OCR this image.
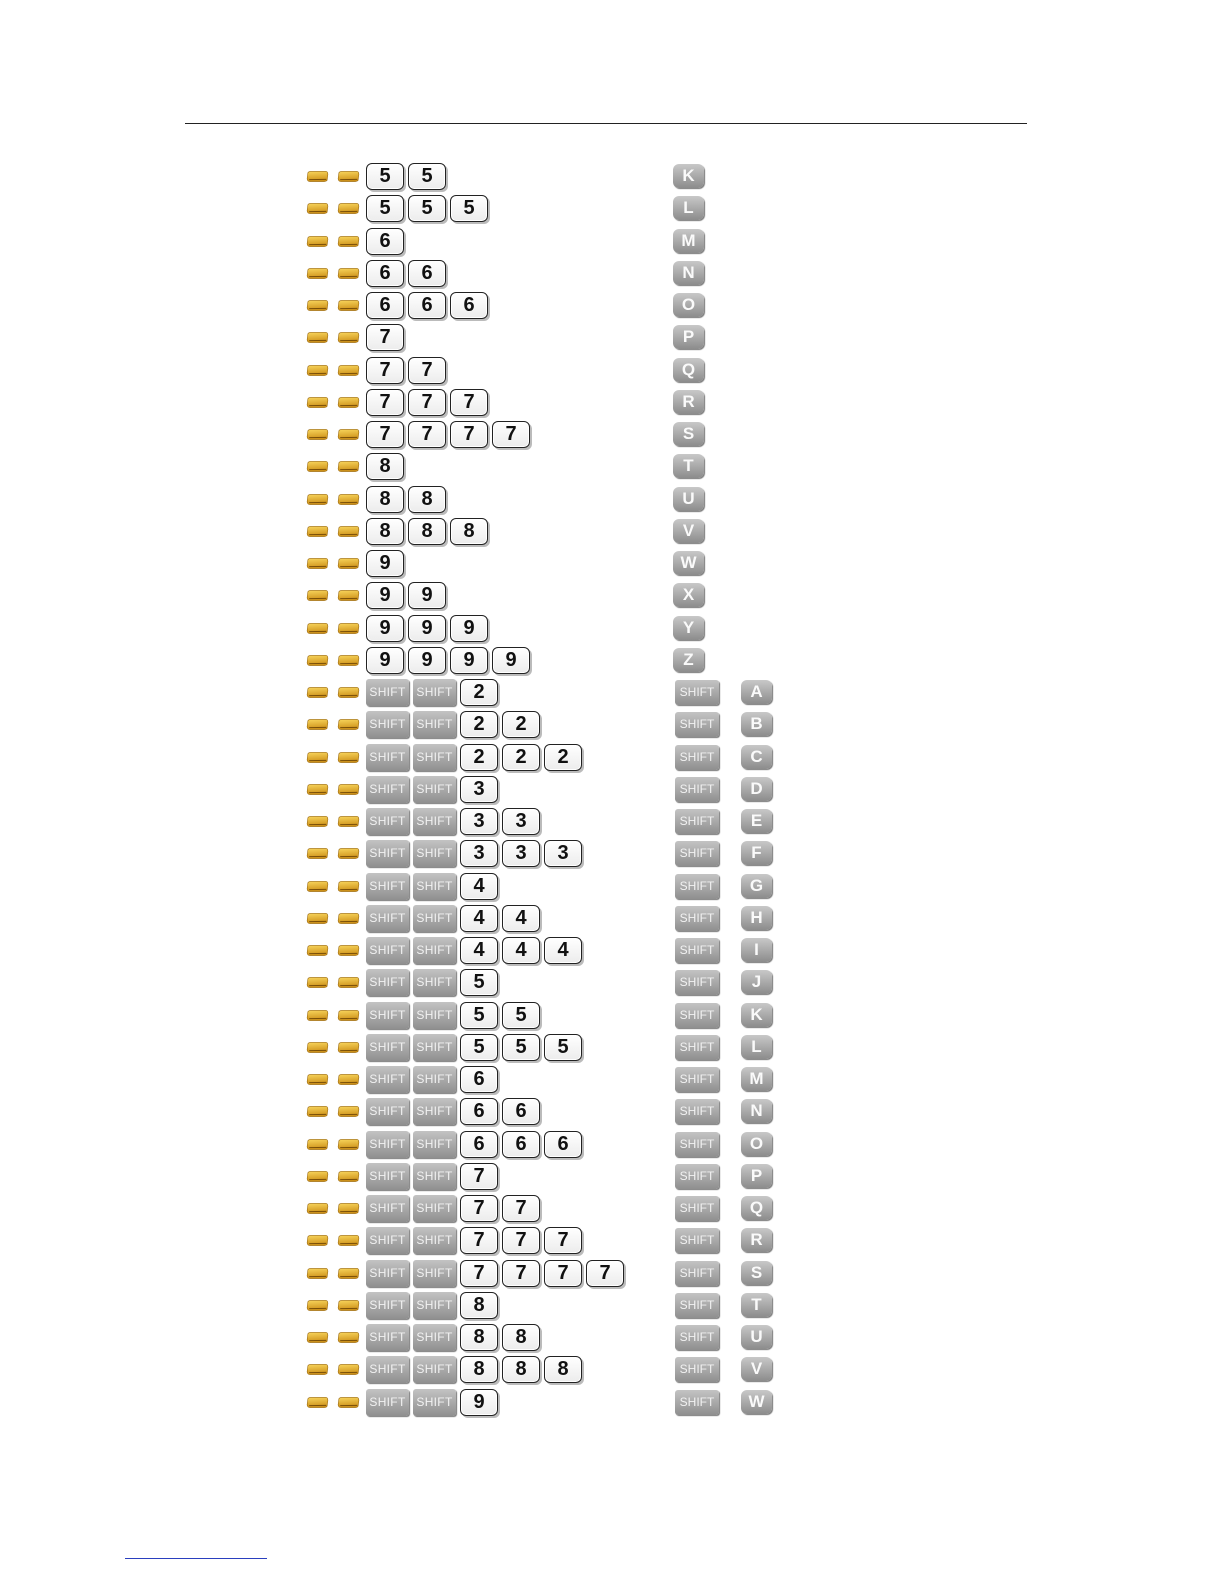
5 5	K
5 5 5	L
6	M
6 6	N
6 6 6	O
7	P
7 7	Q
7 7 7	R
7 7 7 7	S
8	T
8 8	U
8 8 8	V
9	W
9 9	X
9 9 9	Y
9 9 9 9	Z
SHIFT SHIFT 2	SHIFT	A
SHIFT SHIFT 2 2	SHIFT	B
SHIFT SHIFT 2 2 2	SHIFT	C
SHIFT SHIFT 3	SHIFT	D
SHIFT SHIFT 3 3	SHIFT	E
SHIFT SHIFT 3 3 3	SHIFT	F
SHIFT SHIFT 4	SHIFT	G
SHIFT SHIFT 4 4	SHIFT	H
SHIFT SHIFT 4 4 4	SHIFT	I
SHIFT SHIFT 5	SHIFT	J
SHIFT SHIFT 5 5	SHIFT	K
SHIFT SHIFT 5 5 5	SHIFT	L
SHIFT SHIFT 6	SHIFT	M
SHIFT SHIFT 6 6	SHIFT	N
SHIFT SHIFT 6 6 6	SHIFT	O
SHIFT SHIFT 7	SHIFT	P
SHIFT SHIFT 7 7	SHIFT	Q
SHIFT SHIFT 7 7 7	SHIFT	R
SHIFT SHIFT 7 7 7 7	SHIFT	S
SHIFT SHIFT 8	SHIFT	T
SHIFT SHIFT 8 8	SHIFT	U
SHIFT SHIFT 8 8 8	SHIFT	V
SHIFT SHIFT 9	SHIFT	W
